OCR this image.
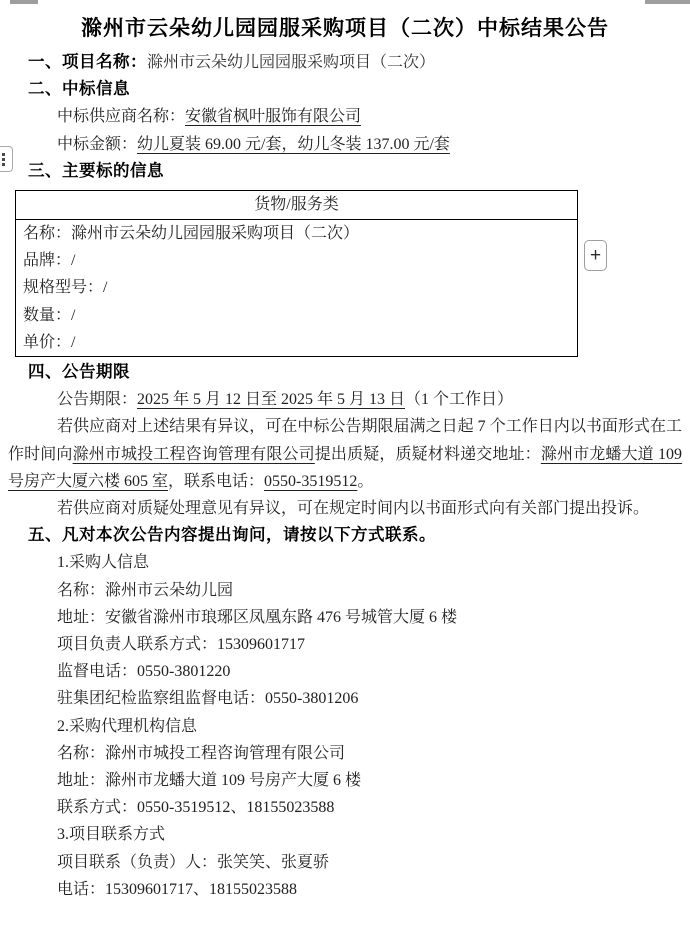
+
滁州市云朵幼儿园园服采购项目（二次）中标结果公告

一、项目名称：滁州市云朵幼儿园园服采购项目（二次）

二、中标信息

中标供应商名称：安徽省枫叶服饰有限公司

中标金额：幼儿夏装 69.00 元/套，幼儿冬装 137.00 元/套

三、主要标的信息

货物/服务类
名称：滁州市云朵幼儿园园服采购项目（二次）
品牌：/
规格型号：/
数量：/
单价：/

四、公告期限

公告期限：2025 年 5 月 12 日至 2025 年 5 月 13 日（1 个工作日）

若供应商对上述结果有异议，可在中标公告期限届满之日起 7 个工作日内以书面形式在工作时间向滁州市城投工程咨询管理有限公司提出质疑，质疑材料递交地址：滁州市龙蟠大道 109 号房产大厦六楼 605 室，联系电话：0550-3519512。

若供应商对质疑处理意见有异议，可在规定时间内以书面形式向有关部门提出投诉。

五、凡对本次公告内容提出询问，请按以下方式联系。

1.采购人信息

名称：滁州市云朵幼儿园

地址：安徽省滁州市琅琊区凤凰东路 476 号城管大厦 6 楼

项目负责人联系方式：15309601717

监督电话：0550-3801220

驻集团纪检监察组监督电话：0550-3801206

2.采购代理机构信息

名称：滁州市城投工程咨询管理有限公司

地址：滁州市龙蟠大道 109 号房产大厦 6 楼

联系方式：0550-3519512、18155023588

3.项目联系方式

项目联系（负责）人：张笑笑、张夏骄

电话：15309601717、18155023588
